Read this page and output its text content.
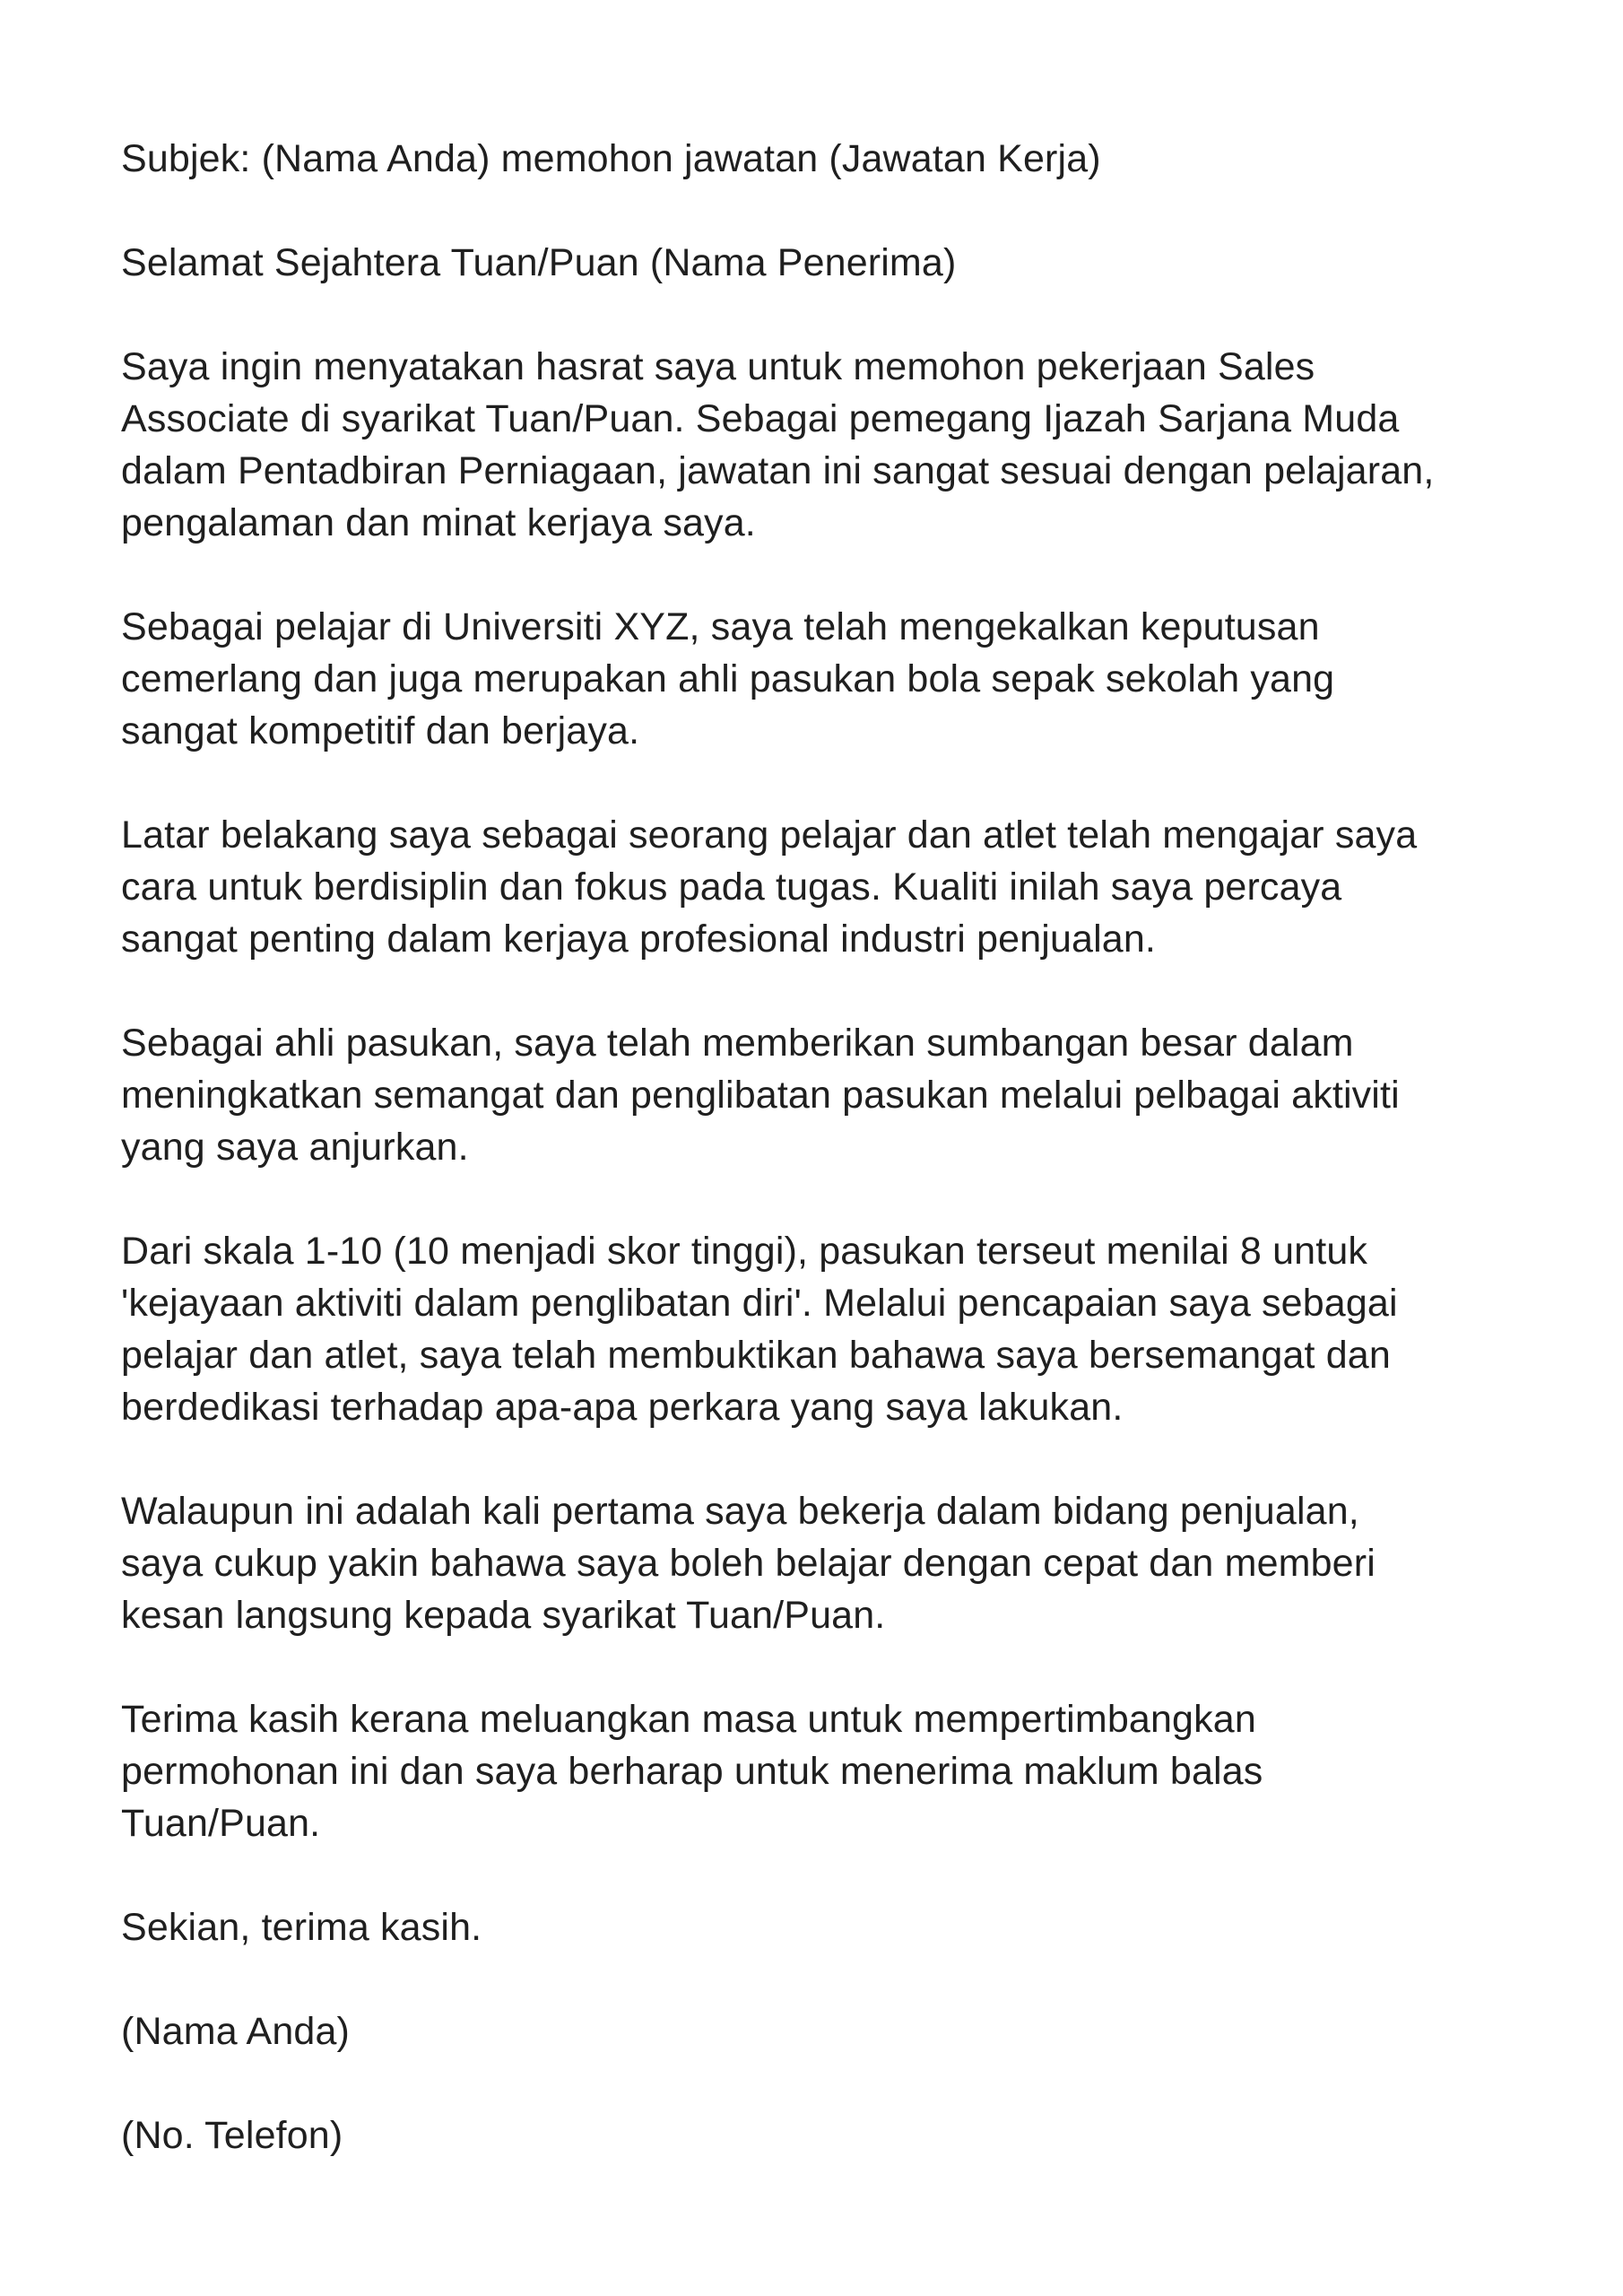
Subjek: (Nama Anda) memohon jawatan (Jawatan Kerja)

Selamat Sejahtera Tuan/Puan (Nama Penerima)

Saya ingin menyatakan hasrat saya untuk memohon pekerjaan Sales
Associate di syarikat Tuan/Puan. Sebagai pemegang Ijazah Sarjana Muda
dalam Pentadbiran Perniagaan, jawatan ini sangat sesuai dengan pelajaran,
pengalaman dan minat kerjaya saya.

Sebagai pelajar di Universiti XYZ, saya telah mengekalkan keputusan
cemerlang dan juga merupakan ahli pasukan bola sepak sekolah yang
sangat kompetitif dan berjaya.

Latar belakang saya sebagai seorang pelajar dan atlet telah mengajar saya
cara untuk berdisiplin dan fokus pada tugas. Kualiti inilah saya percaya
sangat penting dalam kerjaya profesional industri penjualan.

Sebagai ahli pasukan, saya telah memberikan sumbangan besar dalam
meningkatkan semangat dan penglibatan pasukan melalui pelbagai aktiviti
yang saya anjurkan.

Dari skala 1-10 (10 menjadi skor tinggi), pasukan terseut menilai 8 untuk
'kejayaan aktiviti dalam penglibatan diri'. Melalui pencapaian saya sebagai
pelajar dan atlet, saya telah membuktikan bahawa saya bersemangat dan
berdedikasi terhadap apa-apa perkara yang saya lakukan.

Walaupun ini adalah kali pertama saya bekerja dalam bidang penjualan,
saya cukup yakin bahawa saya boleh belajar dengan cepat dan memberi
kesan langsung kepada syarikat Tuan/Puan.

Terima kasih kerana meluangkan masa untuk mempertimbangkan
permohonan ini dan saya berharap untuk menerima maklum balas
Tuan/Puan.

Sekian, terima kasih.

(Nama Anda)

(No. Telefon)
